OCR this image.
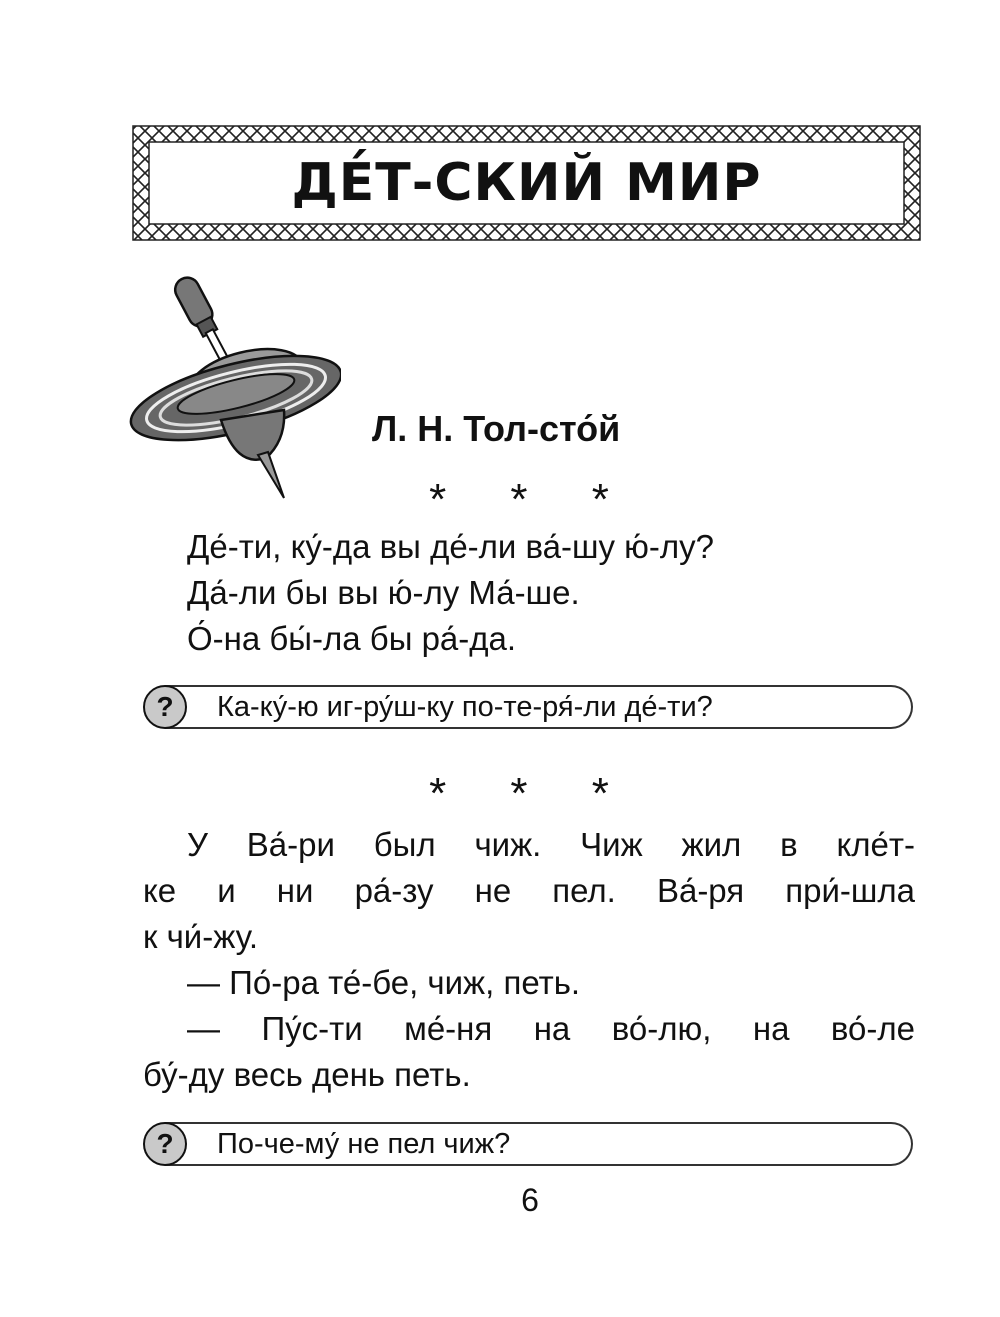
ДЕ́Т-СКИЙ МИР
Л. Н. Тол-сто́й
* * *
Де́-ти, ку́-да вы де́-ли ва́-шу ю́-лу?
Да́-ли бы вы ю́-лу Ма́-ше.
О́-на бы́-ла бы ра́-да.
?	Ка-ку́-ю иг-ру́ш-ку по-те-ря́-ли де́-ти?
* * *
У Ва́-ри был чиж. Чиж жил в кле́т-
ке и ни ра́-зу не пел. Ва́-ря при́-шла
к чи́-жу.
— По́-ра те́-бе, чиж, петь.
— Пу́с-ти ме́-ня на во́-лю, на во́-ле
бу́-ду весь день петь.
?	По-че-му́ не пел чиж?
6
